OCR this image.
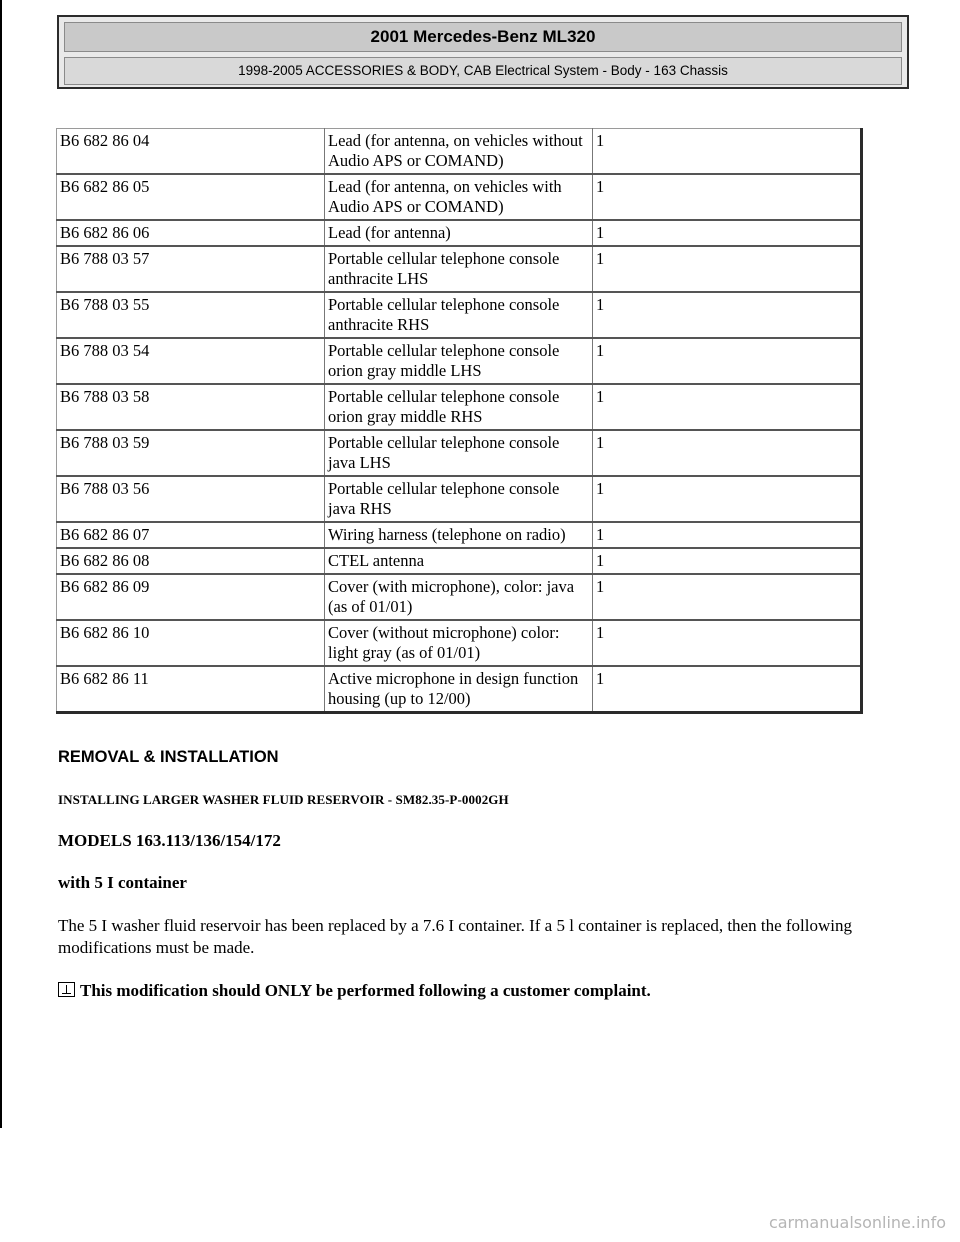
2001 Mercedes-Benz ML320
1998-2005 ACCESSORIES & BODY, CAB Electrical System - Body - 163 Chassis
B6 682 86 04	Lead (for antenna, on vehicles without Audio APS or COMAND)	1
B6 682 86 05	Lead (for antenna, on vehicles with Audio APS or COMAND)	1
B6 682 86 06	Lead (for antenna)	1
B6 788 03 57	Portable cellular telephone console anthracite LHS	1
B6 788 03 55	Portable cellular telephone console anthracite RHS	1
B6 788 03 54	Portable cellular telephone console orion gray middle LHS	1
B6 788 03 58	Portable cellular telephone console orion gray middle RHS	1
B6 788 03 59	Portable cellular telephone console java LHS	1
B6 788 03 56	Portable cellular telephone console java RHS	1
B6 682 86 07	Wiring harness (telephone on radio)	1
B6 682 86 08	CTEL antenna	1
B6 682 86 09	Cover (with microphone), color: java (as of 01/01)	1
B6 682 86 10	Cover (without microphone) color: light gray (as of 01/01)	1
B6 682 86 11	Active microphone in design function housing (up to 12/00)	1
REMOVAL & INSTALLATION
INSTALLING LARGER WASHER FLUID RESERVOIR - SM82.35-P-0002GH
MODELS 163.113/136/154/172
with 5 I container
The 5 I washer fluid reservoir has been replaced by a 7.6 I container. If a 5 l container is replaced, then the following modifications must be made.
This modification should ONLY be performed following a customer complaint.
carmanualsonline.info
